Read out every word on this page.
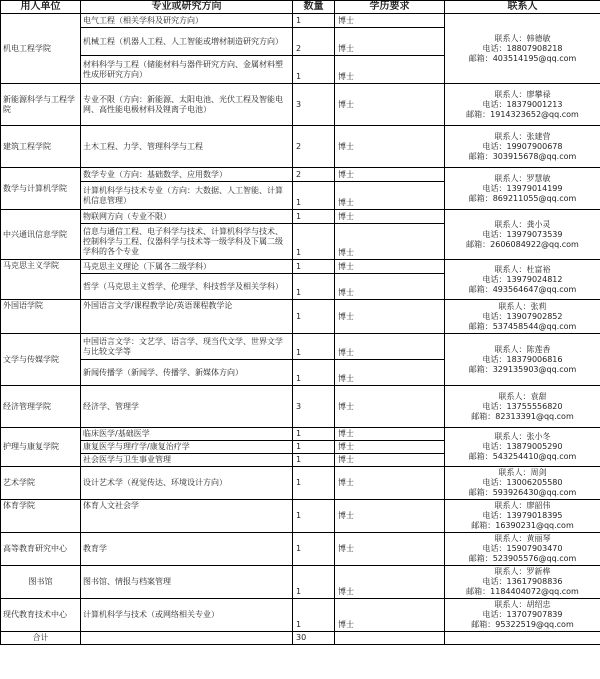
用人单位	专业或研究方向	数量	学历要求	联系人
机电工程学院	电气工程（相关学科及研究方向）	1	博士	联系人：韩德敏
电话：18807908218
邮箱：403514195@qq.com

	机械工程（机器人工程、人工智能或増材制造研究方向）	2	博士	
	材料科学与工程（储能材料与器件研究方向、金属材料塑性成形研究方向）	1	博士	
新能源科学与工程学院	专业不限（方向：新能源、太阳电池、光伏工程及智能电网、高性能电极材料及锂离子电池）	3	博士	联系人：廖攀禄
电话：18379001213
邮箱：1914323652@qq.com

建筑工程学院	土木工程、力学、管理科学与工程	2	博士	联系人：张建营
电话：19907900678
邮箱：303915678@qq.com

数学与计算机学院	数学专业（方向：基础数学、应用数学）	2	博士	联系人：罗慧敏
电话：13979014199
邮箱：869211055@qq.com

	计算机科学与技术专业（方向：大数据、人工智能、计算机信息管理）	1	博士	
中兴通讯信息学院	物联网方向（专业不限）	1	博士	联系人：龚小灵
电话：13979073539
邮箱：2606084922@qq.com

	信息与通信工程、电子科学与技术、计算机科学与技术、控制科学与工程、仪器科学与技术等一级学科及下属二级学科的各个专业	1	博士	
马克思主义学院	马克思主义理论（下属各二级学科）	1	博士	联系人：杜富裕
电话：13979024812
邮箱：493564647@qq.com

	哲学（马克思主义哲学、伦理学、科技哲学及相关学科）	1	博士	
外国语学院	外国语言文学/课程教学论/英语课程教学论	1	博士	联系人：张莉
电话：13907902852
邮箱：537458544@qq.com

文学与传媒学院	中国语言文学：文艺学、语言学、现当代文学、世界文学与比较文学等	1	博士	联系人：陈莲香
电话：18379006816
邮箱：329135903@qq.com

	新闻传播学（新闻学、传播学、新媒体方向）	1	博士	
经济管理学院	经济学、管理学	3	博士	联系人：袁甜
电话：13755556820
邮箱：82313391@qq.com

护理与康复学院	临床医学/基础医学	1	博士	联系人：张小冬
电话：13879005290
邮箱：543254410@qq.com

	康复医学与理疗学/康复治疗学	1	博士	
	社会医学与卫生事业管理	1	博士	
艺术学院	设计艺术学（视觉传达、环境设计方向）	1	博士	联系人：周剑
电话：13006205580
邮箱：593926430@qq.com

体育学院	体育人文社会学	1	博士	联系人：廖韶伟
电话：13979018395
邮箱：16390231@qq.com

高等教育研究中心	教育学	1	博士	联系人：黄丽琴
电话：15907903470
邮箱：523905576@qq.com

图书馆	图书馆、情报与档案管理	1	博士	联系人：罗新桦
电话：13617908836
邮箱：1184404072@qq.com

现代教育技术中心	计算机科学与技术（或网络相关专业）	1	博士	联系人：胡绍忠
电话：13707907839
邮箱：95322519@qq.com

合计		30		
